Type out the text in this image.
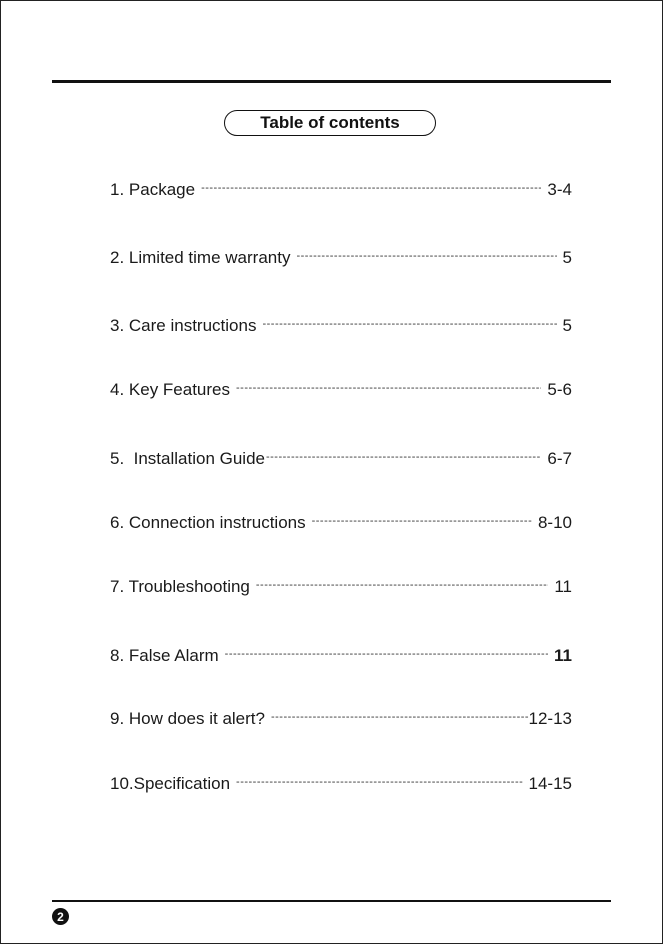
Table of contents
1. Package -----	3-4
2. Limited time warranty -----	5
3. Care instructions -----	5
4. Key Features -----	5-6
5.  Installation Guide -----	6-7
6. Connection instructions -----	8-10
7. Troubleshooting -----	11
8. False Alarm -----	11
9. How does it alert? -----	12-13
10.Specification -----	14-15
2
